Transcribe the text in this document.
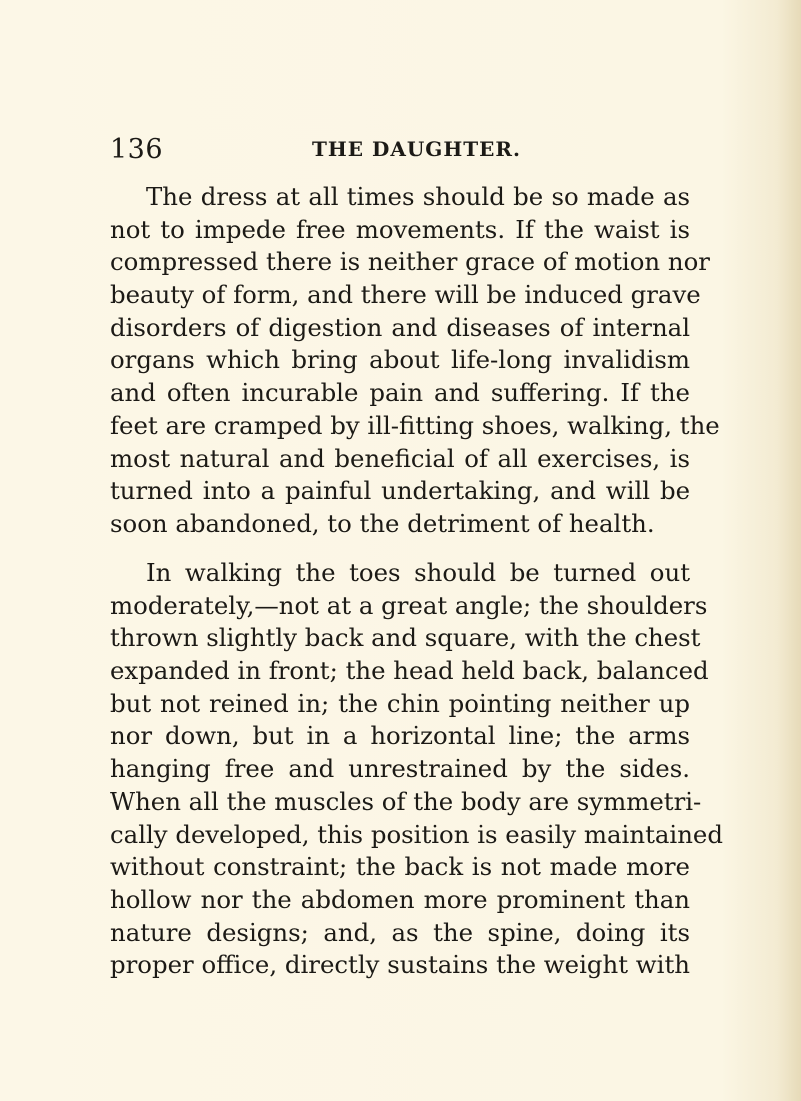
136	THE DAUGHTER.
The dress at all times should be so made as
not to impede free movements. If the waist is
compressed there is neither grace of motion nor
beauty of form, and there will be induced grave
disorders of digestion and diseases of internal
organs which bring about life-long invalidism
and often incurable pain and suffering. If the
feet are cramped by ill-fitting shoes, walking, the
most natural and beneficial of all exercises, is
turned into a painful undertaking, and will be
soon abandoned, to the detriment of health.
In walking the toes should be turned out
moderately,—not at a great angle; the shoulders
thrown slightly back and square, with the chest
expanded in front; the head held back, balanced
but not reined in; the chin pointing neither up
nor down, but in a horizontal line; the arms
hanging free and unrestrained by the sides.
When all the muscles of the body are symmetri-
cally developed, this position is easily maintained
without constraint; the back is not made more
hollow nor the abdomen more prominent than
nature designs; and, as the spine, doing its
proper office, directly sustains the weight with
